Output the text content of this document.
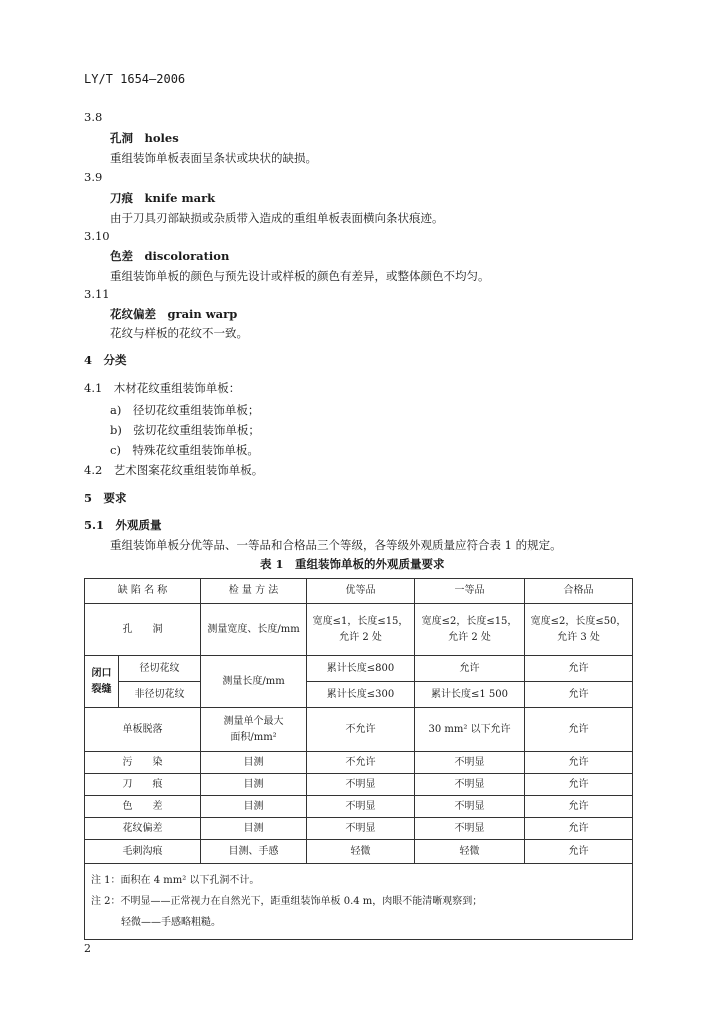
LY/T 1654—2006
3.8
孔洞　 holes
重组装饰单板表面呈条状或块状的缺损。
3.9
刀痕　 knife mark
由于刀具刃部缺损或杂质带入造成的重组单板表面横向条状痕迹。
3.10
色差　 discoloration
重组装饰单板的颜色与预先设计或样板的颜色有差异，或整体颜色不均匀。
3.11
花纹偏差　 grain warp
花纹与样板的花纹不一致。
4　分类
4.1　木材花纹重组装饰单板：
a)　径切花纹重组装饰单板；
b)　弦切花纹重组装饰单板；
c)　特殊花纹重组装饰单板。
4.2　艺术图案花纹重组装饰单板。
5　要求
5.1　外观质量
重组装饰单板分优等品、一等品和合格品三个等级，各等级外观质量应符合表 1 的规定。
表 1　重组装饰单板的外观质量要求
缺 陷 名 称		检 量 方 法	优等品	一等品	合格品
孔　　洞		测量宽度、长度/mm	宽度≤1，长度≤15，
允许 2 处	宽度≤2，长度≤15，
允许 2 处	宽度≤2，长度≤50，
允许 3 处
闭口
裂缝	径切花纹	测量长度/mm	累计长度≤800	允许	允许
	非径切花纹		累计长度≤300	累计长度≤1 500	允许
单板脱落		测量单个最大
面积/mm²	不允许	30 mm² 以下允许	允许
污　　染		目测	不允许	不明显	允许
刀　　痕		目测	不明显	不明显	允许
色　　差		目测	不明显	不明显	允许
花纹偏差		目测	不明显	不明显	允许
毛刺沟痕		目测、手感	轻微	轻微	允许

注 1：面积在 4 mm² 以下孔洞不计。
注 2：不明显——正常视力在自然光下，距重组装饰单板 0.4 m，肉眼不能清晰观察到；
　　　轻微——手感略粗糙。					
2
